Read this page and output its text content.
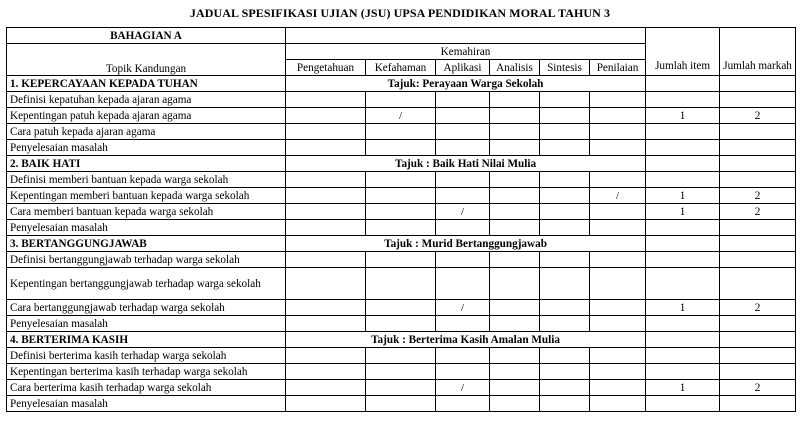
JADUAL SPESIFIKASI UJIAN (JSU) UPSA PENDIDIKAN MORAL TAHUN 3
BAHAGIAN A							Jumlah item	Jumlah markah
Topik Kandungan	Kemahiran							
	Pengetahuan	Kefahaman	Aplikasi	Analisis	Sintesis	Penilaian		
1. KEPERCAYAAN KEPADA TUHAN	Tajuk: Perayaan Warga Sekolah							
Definisi kepatuhan kepada ajaran agama								
Kepentingan patuh kepada ajaran agama		/					1	2
Cara patuh kepada ajaran agama								
Penyelesaian masalah								
2. BAIK HATI	Tajuk : Baik Hati Nilai Mulia							
Definisi memberi bantuan kepada warga sekolah								
Kepentingan memberi bantuan kepada warga sekolah						/	1	2
Cara memberi bantuan kepada warga sekolah			/				1	2
Penyelesaian masalah								
3. BERTANGGUNGJAWAB	Tajuk : Murid Bertanggungjawab							
Definisi bertanggungjawab terhadap warga sekolah								
Kepentingan bertanggungjawab terhadap warga sekolah								
Cara bertanggungjawab terhadap warga sekolah			/				1	2
Penyelesaian masalah								
4. BERTERIMA KASIH	Tajuk : Berterima Kasih Amalan Mulia							
Definisi berterima kasih terhadap warga sekolah								
Kepentingan berterima kasih terhadap warga sekolah								
Cara berterima kasih terhadap warga sekolah			/				1	2
Penyelesaian masalah								
